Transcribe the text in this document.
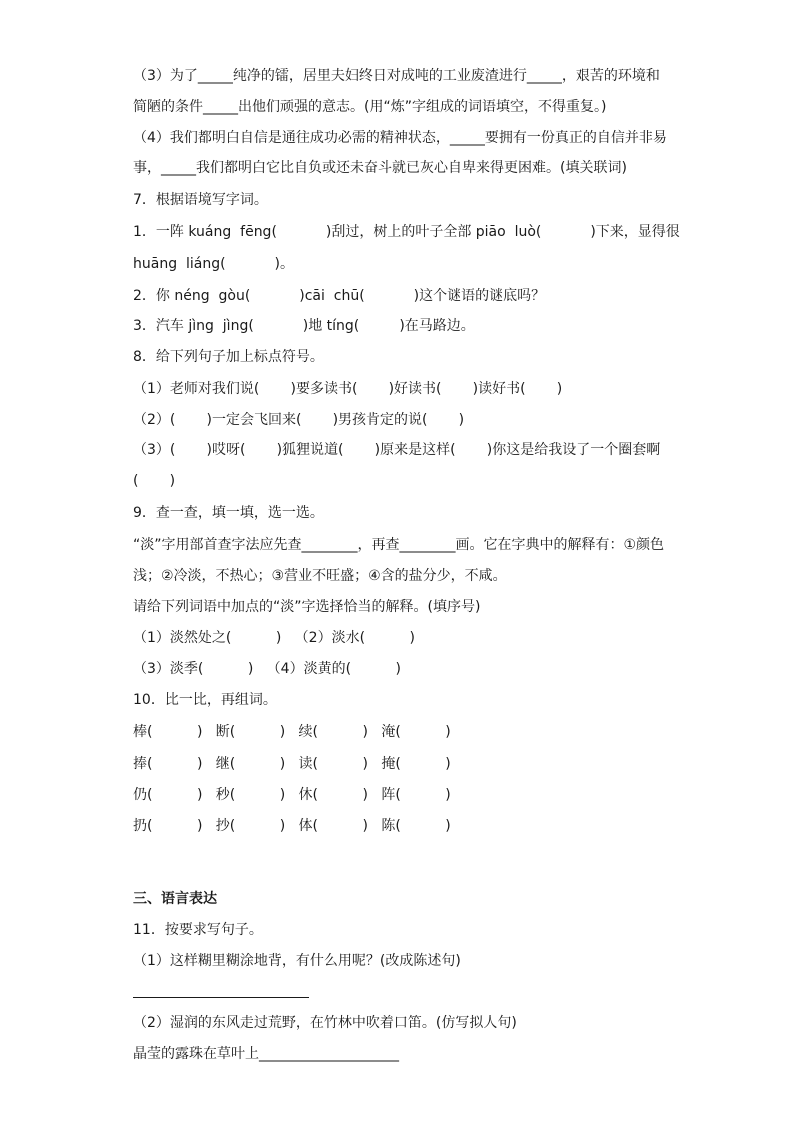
（3）为了_____纯净的镭，居里夫妇终日对成吨的工业废渣进行_____，艰苦的环境和
简陋的条件_____出他们顽强的意志。(用“炼”字组成的词语填空，不得重复。)
（4）我们都明白自信是通往成功必需的精神状态，_____要拥有一份真正的自信并非易
事，_____我们都明白它比自负或还未奋斗就已灰心自卑来得更困难。(填关联词)
7．根据语境写字词。
1．一阵 kuáng  fēng(           )刮过，树上的叶子全部 piāo  luò(           )下来，显得很
huāng  liáng(           )。
2．你 néng  gòu(           )cāi  chū(           )这个谜语的谜底吗？
3．汽车 jìng  jìng(           )地 tíng(         )在马路边。
8．给下列句子加上标点符号。
（1）老师对我们说(       )要多读书(       )好读书(       )读好书(       )
（2）(       )一定会飞回来(       )男孩肯定的说(       )
（3）(       )哎呀(       )狐狸说道(       )原来是这样(       )你这是给我设了一个圈套啊
(       )
9．查一查，填一填，选一选。
“淡”字用部首查字法应先查________，再查________画。它在字典中的解释有：①颜色
浅；②冷淡，不热心；③营业不旺盛；④含的盐分少，不咸。
请给下列词语中加点的“淡”字选择恰当的解释。(填序号)
（1）淡然处之(          )   （2）淡水(          )
（3）淡季(          )   （4）淡黄的(          )
10．比一比，再组词。
棒(          )   断(          )   续(          )   淹(          )
捧(          )   继(          )   读(          )   掩(          )
仍(          )   秒(          )   休(          )   阵(          )
扔(          )   抄(          )   体(          )   陈(          )
三、语言表达
11．按要求写句子。
（1）这样糊里糊涂地背，有什么用呢？(改成陈述句)
（2）湿润的东风走过荒野，在竹林中吹着口笛。(仿写拟人句)
晶莹的露珠在草叶上____________________
